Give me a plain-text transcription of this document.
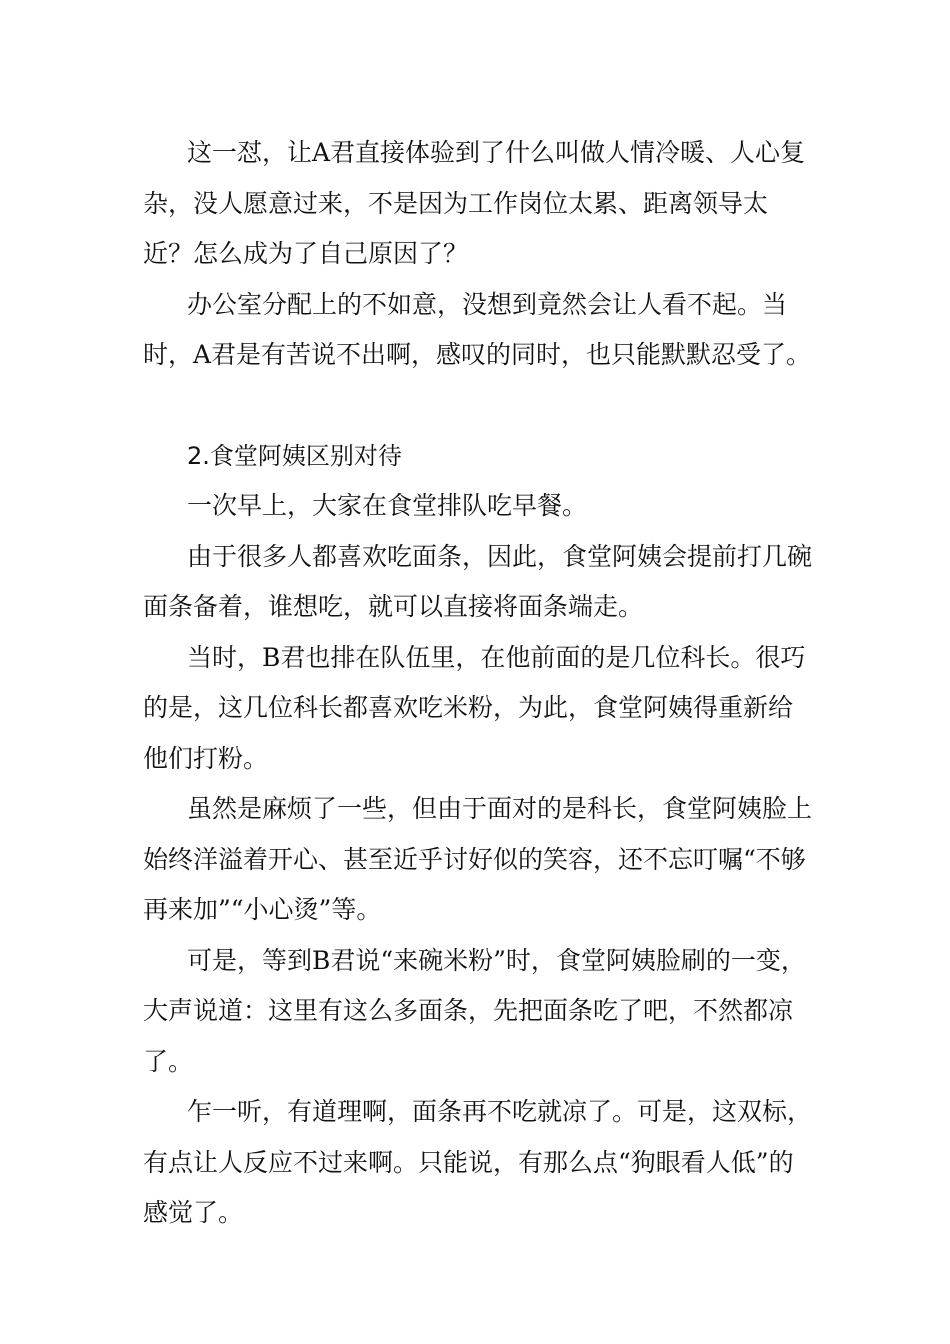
这一怼，让A君直接体验到了什么叫做人情冷暖、人心复杂，没人愿意过来，不是因为工作岗位太累、距离领导太近？怎么成为了自己原因了？

办公室分配上的不如意，没想到竟然会让人看不起。当时，A君是有苦说不出啊，感叹的同时，也只能默默忍受了。

2.食堂阿姨区别对待

一次早上，大家在食堂排队吃早餐。

由于很多人都喜欢吃面条，因此，食堂阿姨会提前打几碗面条备着，谁想吃，就可以直接将面条端走。

当时，B君也排在队伍里，在他前面的是几位科长。很巧的是，这几位科长都喜欢吃米粉，为此，食堂阿姨得重新给他们打粉。

虽然是麻烦了一些，但由于面对的是科长，食堂阿姨脸上始终洋溢着开心、甚至近乎讨好似的笑容，还不忘叮嘱“不够再来加”“小心烫”等。

可是，等到B君说“来碗米粉”时，食堂阿姨脸刷的一变，大声说道：这里有这么多面条，先把面条吃了吧，不然都凉了。

乍一听，有道理啊，面条再不吃就凉了。可是，这双标，有点让人反应不过来啊。只能说，有那么点“狗眼看人低”的感觉了。
